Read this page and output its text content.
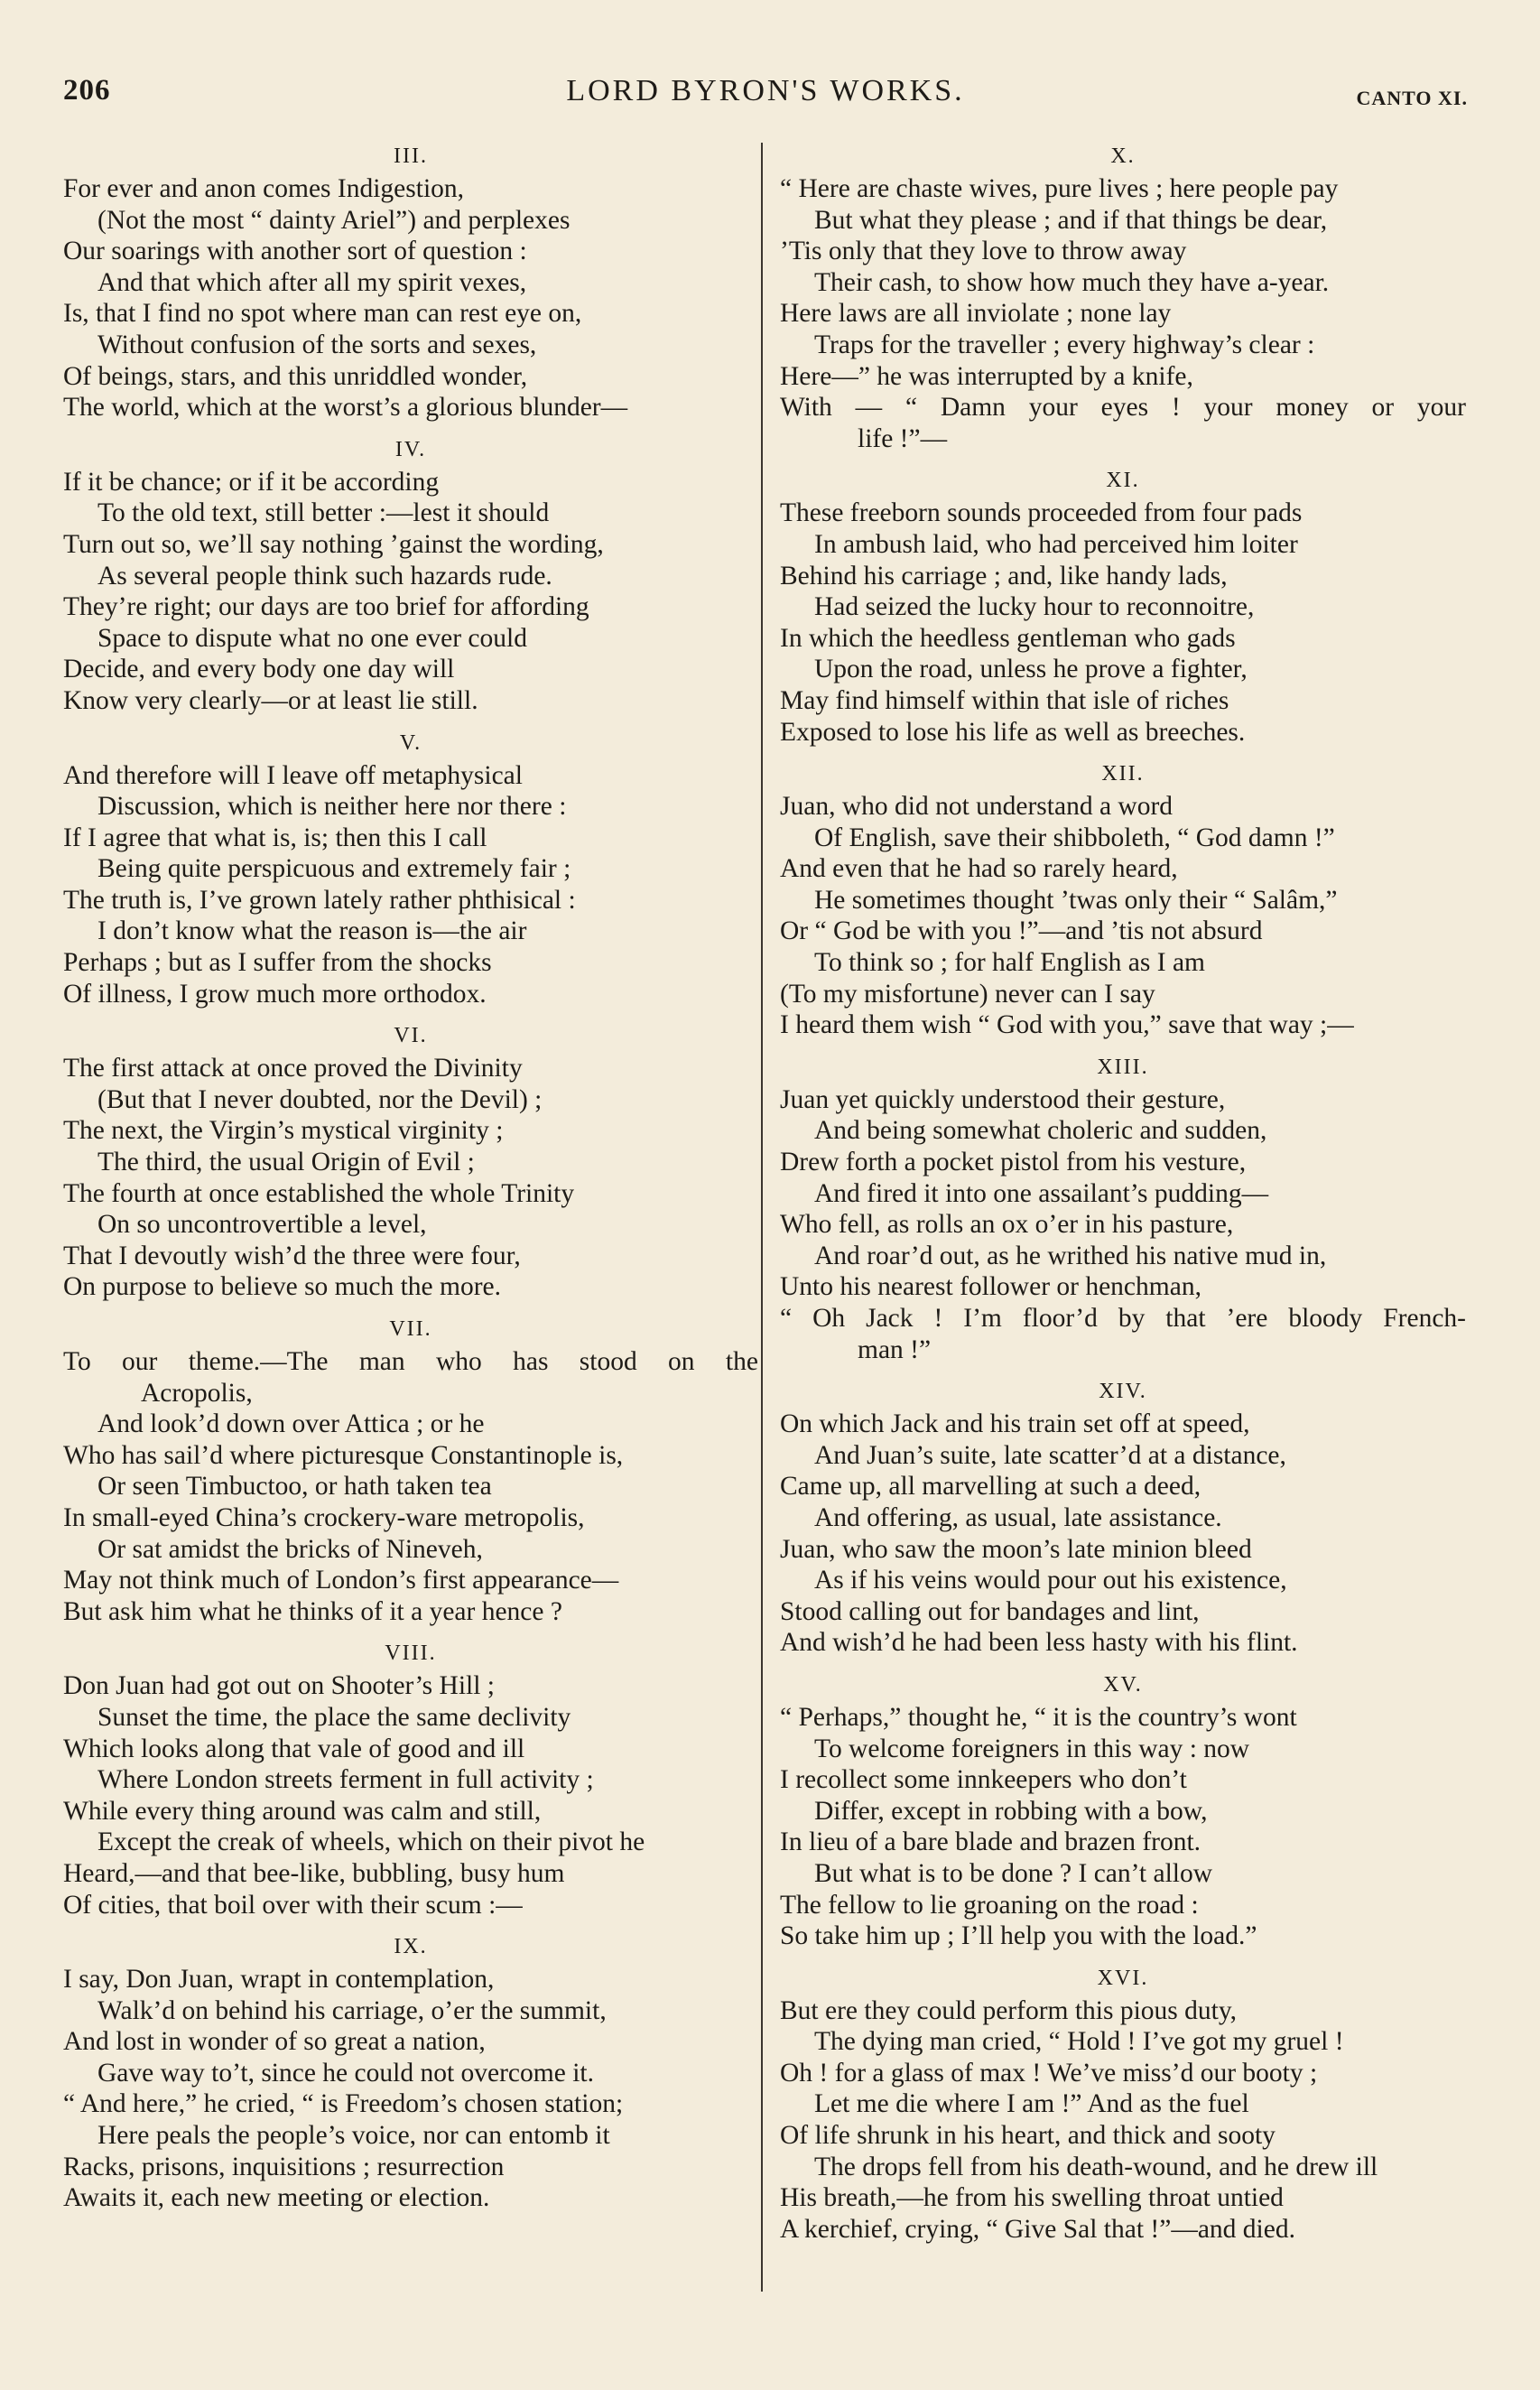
206	LORD BYRON'S WORKS.	CANTO XI.
III.
For ever and anon comes Indigestion,
(Not the most “ dainty Ariel”) and perplexes
Our soarings with another sort of question :
And that which after all my spirit vexes,
Is, that I find no spot where man can rest eye on,
Without confusion of the sorts and sexes,
Of beings, stars, and this unriddled wonder,
The world, which at the worst’s a glorious blunder—
IV.
If it be chance; or if it be according
To the old text, still better :—lest it should
Turn out so, we’ll say nothing ’gainst the wording,
As several people think such hazards rude.
They’re right; our days are too brief for affording
Space to dispute what no one ever could
Decide, and every body one day will
Know very clearly—or at least lie still.
V.
And therefore will I leave off metaphysical
Discussion, which is neither here nor there :
If I agree that what is, is; then this I call
Being quite perspicuous and extremely fair ;
The truth is, I’ve grown lately rather phthisical :
I don’t know what the reason is—the air
Perhaps ; but as I suffer from the shocks
Of illness, I grow much more orthodox.
VI.
The first attack at once proved the Divinity
(But that I never doubted, nor the Devil) ;
The next, the Virgin’s mystical virginity ;
The third, the usual Origin of Evil ;
The fourth at once established the whole Trinity
On so uncontrovertible a level,
That I devoutly wish’d the three were four,
On purpose to believe so much the more.
VII.
To our theme.—The man who has stood on the
Acropolis,
And look’d down over Attica ; or he
Who has sail’d where picturesque Constantinople is,
Or seen Timbuctoo, or hath taken tea
In small-eyed China’s crockery-ware metropolis,
Or sat amidst the bricks of Nineveh,
May not think much of London’s first appearance—
But ask him what he thinks of it a year hence ?
VIII.
Don Juan had got out on Shooter’s Hill ;
Sunset the time, the place the same declivity
Which looks along that vale of good and ill
Where London streets ferment in full activity ;
While every thing around was calm and still,
Except the creak of wheels, which on their pivot he
Heard,—and that bee-like, bubbling, busy hum
Of cities, that boil over with their scum :—
IX.
I say, Don Juan, wrapt in contemplation,
Walk’d on behind his carriage, o’er the summit,
And lost in wonder of so great a nation,
Gave way to’t, since he could not overcome it.
“ And here,” he cried, “ is Freedom’s chosen station;
Here peals the people’s voice, nor can entomb it
Racks, prisons, inquisitions ; resurrection
Awaits it, each new meeting or election.
X.
“ Here are chaste wives, pure lives ; here people pay
But what they please ; and if that things be dear,
’Tis only that they love to throw away
Their cash, to show how much they have a-year.
Here laws are all inviolate ; none lay
Traps for the traveller ; every highway’s clear :
Here—” he was interrupted by a knife,
With — “ Damn your eyes ! your money or your
life !”—
XI.
These freeborn sounds proceeded from four pads
In ambush laid, who had perceived him loiter
Behind his carriage ; and, like handy lads,
Had seized the lucky hour to reconnoitre,
In which the heedless gentleman who gads
Upon the road, unless he prove a fighter,
May find himself within that isle of riches
Exposed to lose his life as well as breeches.
XII.
Juan, who did not understand a word
Of English, save their shibboleth, “ God damn !”
And even that he had so rarely heard,
He sometimes thought ’twas only their “ Salâm,”
Or “ God be with you !”—and ’tis not absurd
To think so ; for half English as I am
(To my misfortune) never can I say
I heard them wish “ God with you,” save that way ;—
XIII.
Juan yet quickly understood their gesture,
And being somewhat choleric and sudden,
Drew forth a pocket pistol from his vesture,
And fired it into one assailant’s pudding—
Who fell, as rolls an ox o’er in his pasture,
And roar’d out, as he writhed his native mud in,
Unto his nearest follower or henchman,
“ Oh Jack ! I’m floor’d by that ’ere bloody French-
man !”
XIV.
On which Jack and his train set off at speed,
And Juan’s suite, late scatter’d at a distance,
Came up, all marvelling at such a deed,
And offering, as usual, late assistance.
Juan, who saw the moon’s late minion bleed
As if his veins would pour out his existence,
Stood calling out for bandages and lint,
And wish’d he had been less hasty with his flint.
XV.
“ Perhaps,” thought he, “ it is the country’s wont
To welcome foreigners in this way : now
I recollect some innkeepers who don’t
Differ, except in robbing with a bow,
In lieu of a bare blade and brazen front.
But what is to be done ? I can’t allow
The fellow to lie groaning on the road :
So take him up ; I’ll help you with the load.”
XVI.
But ere they could perform this pious duty,
The dying man cried, “ Hold ! I’ve got my gruel !
Oh ! for a glass of max ! We’ve miss’d our booty ;
Let me die where I am !” And as the fuel
Of life shrunk in his heart, and thick and sooty
The drops fell from his death-wound, and he drew ill
His breath,—he from his swelling throat untied
A kerchief, crying, “ Give Sal that !”—and died.
